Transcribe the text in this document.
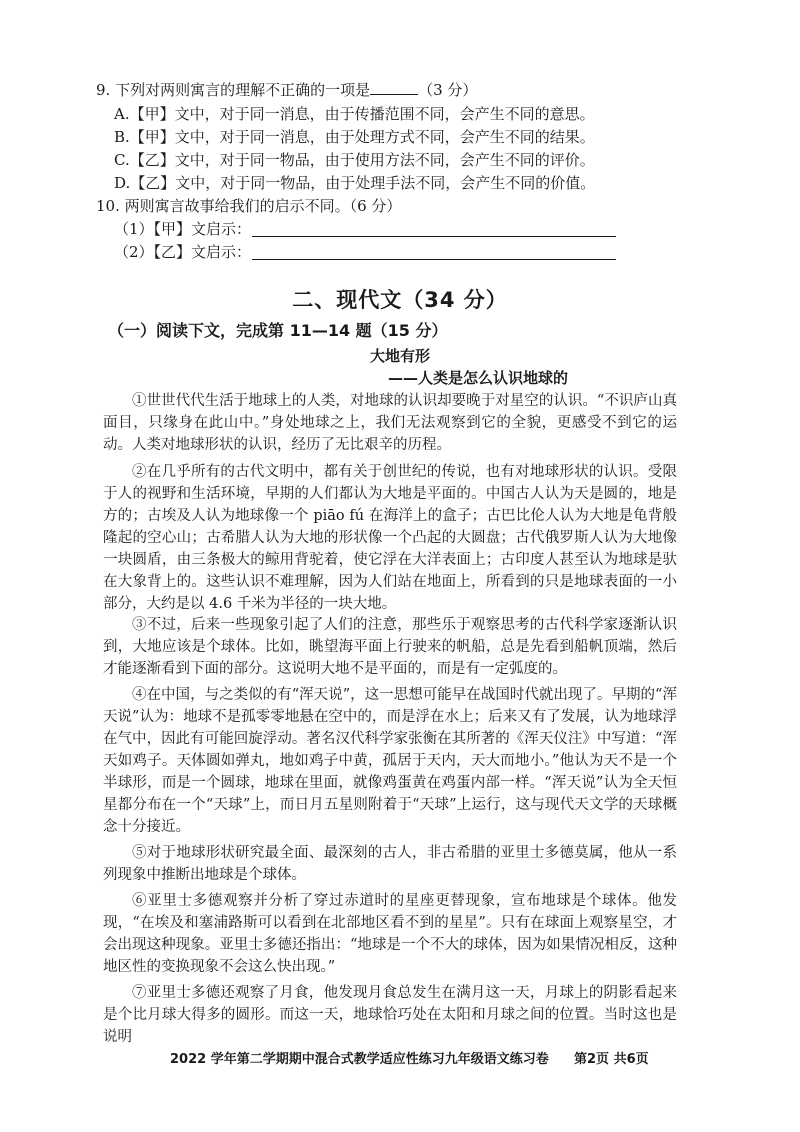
9. 下列对两则寓言的理解不正确的一项是	（3 分）
A.【甲】文中，对于同一消息，由于传播范围不同，会产生不同的意思。
B.【甲】文中，对于同一消息，由于处理方式不同，会产生不同的结果。
C.【乙】文中，对于同一物品，由于使用方法不同，会产生不同的评价。
D.【乙】文中，对于同一物品，由于处理手法不同，会产生不同的价值。
10. 两则寓言故事给我们的启示不同。（6 分）
（1）【甲】文启示：
（2）【乙】文启示：
二、现代文（34 分）
（一）阅读下文，完成第 11—14 题（15 分）
大地有形
——人类是怎么认识地球的

①世世代代生活于地球上的人类，对地球的认识却要晚于对星空的认识。“不识庐山真面目，只缘身在此山中。”身处地球之上，我们无法观察到它的全貌，更感受不到它的运动。人类对地球形状的认识，经历了无比艰辛的历程。

②在几乎所有的古代文明中，都有关于创世纪的传说，也有对地球形状的认识。受限于人的视野和生活环境，早期的人们都认为大地是平面的。中国古人认为天是圆的，地是方的；古埃及人认为地球像一个 piāo fú 在海洋上的盒子；古巴比伦人认为大地是龟背般隆起的空心山；古希腊人认为大地的形状像一个凸起的大圆盘；古代俄罗斯人认为大地像一块圆盾，由三条极大的鲸用背驼着，使它浮在大洋表面上；古印度人甚至认为地球是驮在大象背上的。这些认识不难理解，因为人们站在地面上，所看到的只是地球表面的一小部分，大约是以 4.6 千米为半径的一块大地。

③不过，后来一些现象引起了人们的注意，那些乐于观察思考的古代科学家逐渐认识到，大地应该是个球体。比如，眺望海平面上行驶来的帆船，总是先看到船帆顶端，然后才能逐渐看到下面的部分。这说明大地不是平面的，而是有一定弧度的。

④在中国，与之类似的有“浑天说”，这一思想可能早在战国时代就出现了。早期的“浑天说”认为：地球不是孤零零地悬在空中的，而是浮在水上；后来又有了发展，认为地球浮在气中，因此有可能回旋浮动。著名汉代科学家张衡在其所著的《浑天仪注》中写道：“浑天如鸡子。天体圆如弹丸，地如鸡子中黄，孤居于天内，天大而地小。”他认为天不是一个半球形，而是一个圆球，地球在里面，就像鸡蛋黄在鸡蛋内部一样。“浑天说”认为全天恒星都分布在一个“天球”上，而日月五星则附着于“天球”上运行，这与现代天文学的天球概念十分接近。

⑤对于地球形状研究最全面、最深刻的古人，非古希腊的亚里士多德莫属，他从一系列现象中推断出地球是个球体。

⑥亚里士多德观察并分析了穿过赤道时的星座更替现象，宣布地球是个球体。他发现，“在埃及和塞浦路斯可以看到在北部地区看不到的星星”。只有在球面上观察星空，才会出现这种现象。亚里士多德还指出：“地球是一个不大的球体，因为如果情况相反，这种地区性的变换现象不会这么快出现。”

⑦亚里士多德还观察了月食，他发现月食总发生在满月这一天，月球上的阴影看起来是个比月球大得多的圆形。而这一天，地球恰巧处在太阳和月球之间的位置。当时这也是说明

2022 学年第二学期期中混合式教学适应性练习九年级语文练习卷 第2页 共6页
